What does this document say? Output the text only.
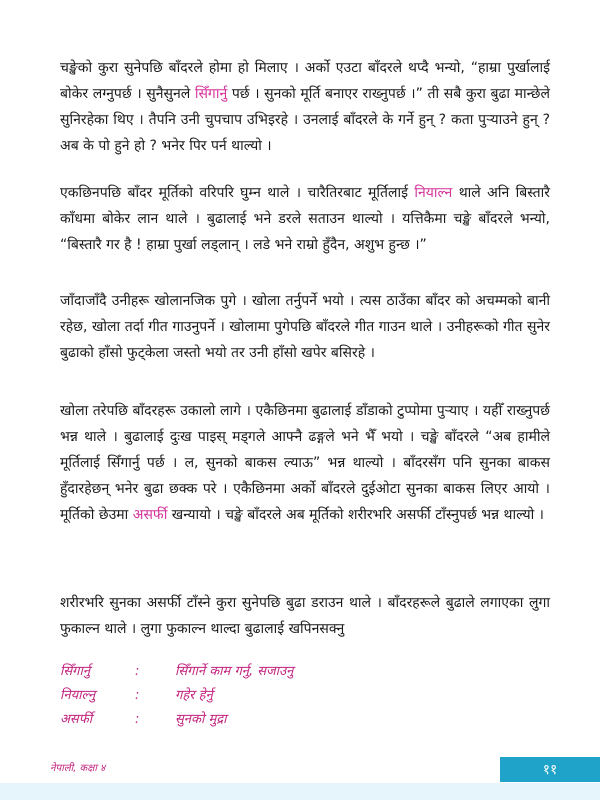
चङ्खेको कुरा सुनेपछि बाँदरले होमा हो मिलाए । अर्को एउटा बाँदरले थप्दै भन्यो, “हाम्रा पुर्खालाई बोकेर लग्नुपर्छ । सुनैसुनले सिँगार्नु पर्छ । सुनको मूर्ति बनाएर राख्नुपर्छ ।” ती सबै कुरा बुढा मान्छेले सुनिरहेका थिए । तैपनि उनी चुपचाप उभिइरहे । उनलाई बाँदरले के गर्ने हुन् ? कता पुऱ्याउने हुन् ? अब के पो हुने हो ? भनेर पिर पर्न थाल्यो ।

एकछिनपछि बाँदर मूर्तिको वरिपरि घुम्न थाले । चारैतिरबाट मूर्तिलाई नियाल्न थाले अनि बिस्तारै काँधमा बोकेर लान थाले । बुढालाई भने डरले सताउन थाल्यो । यत्तिकैमा चङ्खे बाँदरले भन्यो, “बिस्तारै गर है ! हाम्रा पुर्खा लड्लान् । लडे भने राम्रो हुँदैन, अशुभ हुन्छ ।”

जाँदाजाँदै उनीहरू खोलानजिक पुगे । खोला तर्नुपर्ने भयो । त्यस ठाउँका बाँदर को अचम्मको बानी रहेछ, खोला तर्दा गीत गाउनुपर्ने । खोलामा पुगेपछि बाँदरले गीत गाउन थाले । उनीहरूको गीत सुनेर बुढाको हाँसो फुट्केला जस्तो भयो तर उनी हाँसो खपेर बसिरहे ।

खोला तरेपछि बाँदरहरू उकालो लागे । एकैछिनमा बुढालाई डाँडाको टुप्पोमा पुऱ्याए । यहीँ राख्नुपर्छ भन्न थाले । बुढालाई दुःख पाइस् मड्गले आफ्नै ढङ्गले भने भैँ भयो । चङ्खे बाँदरले “अब हामीले मूर्तिलाई सिँगार्नु पर्छ । ल, सुनको बाकस ल्याऊ” भन्न थाल्यो । बाँदरसँग पनि सुनका बाकस हुँदारहेछन् भनेर बुढा छक्क परे । एकैछिनमा अर्को बाँदरले दुईओटा सुनका बाकस लिएर आयो । मूर्तिको छेउमा असर्फी खन्यायो । चङ्खे बाँदरले अब मूर्तिको शरीरभरि असर्फी टाँस्नुपर्छ भन्न थाल्यो ।

शरीरभरि सुनका असर्फी टाँस्ने कुरा सुनेपछि बुढा डराउन थाले । बाँदरहरूले बुढाले लगाएका लुगा फुकाल्न थाले । लुगा फुकाल्न थाल्दा बुढालाई खपिनसक्नु

सिँगार्नु	:	सिँगार्ने काम गर्नु, सजाउनु
नियाल्नु	:	गहेर हेर्नु
असर्फी	:	सुनको मुद्रा
नेपाली, कक्षा ४	११
